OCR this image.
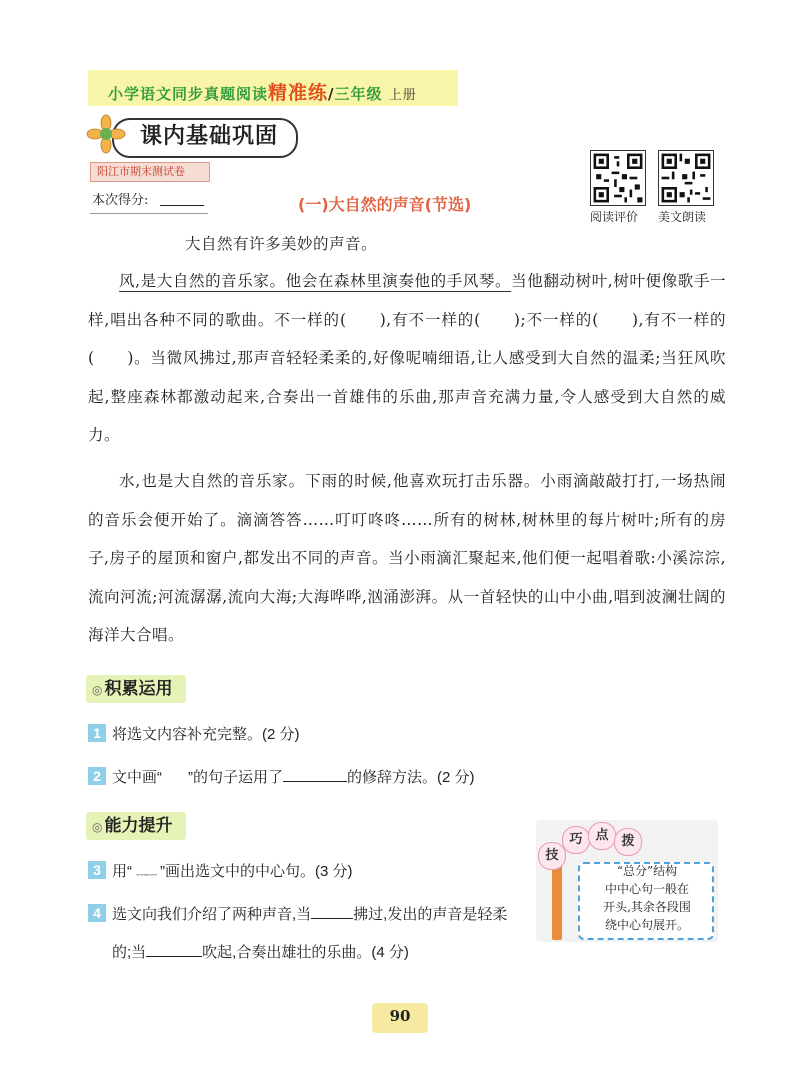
小学语文同步真题阅读精准练/三年级 上册
课内基础巩固
阳江市期末测试卷
本次得分:	(一)大自然的声音(节选)
阅读评价 美文朗读
大自然有许多美妙的声音。
风,是大自然的音乐家。他会在森林里演奏他的手风琴。当他翻动树叶,树叶便像歌手一样,唱出各种不同的歌曲。不一样的(　　),有不一样的(　　);不一样的(　　),有不一样的(　　)。当微风拂过,那声音轻轻柔柔的,好像呢喃细语,让人感受到大自然的温柔;当狂风吹起,整座森林都激动起来,合奏出一首雄伟的乐曲,那声音充满力量,令人感受到大自然的威力。
水,也是大自然的音乐家。下雨的时候,他喜欢玩打击乐器。小雨滴敲敲打打,一场热闹的音乐会便开始了。滴滴答答……叮叮咚咚……所有的树林,树林里的每片树叶;所有的房子,房子的屋顶和窗户,都发出不同的声音。当小雨滴汇聚起来,他们便一起唱着歌:小溪淙淙,流向河流;河流潺潺,流向大海;大海哗哗,汹涌澎湃。从一首轻快的山中小曲,唱到波澜壮阔的海洋大合唱。
◎ 积累运用
1 将选文内容补充完整。(2 分)
2 文中画“ ”的句子运用了	的修辞方法。(2 分)
◎ 能力提升
3 用“ ﹏﹏ ”画出选文中的中心句。(3 分)
4 选文向我们介绍了两种声音,当	拂过,发出的声音是轻柔
的;当	吹起,合奏出雄壮的乐曲。(4 分)
技
巧 点 拨
“总分”结构
中中心句一般在
开头,其余各段围
绕中心句展开。
90
